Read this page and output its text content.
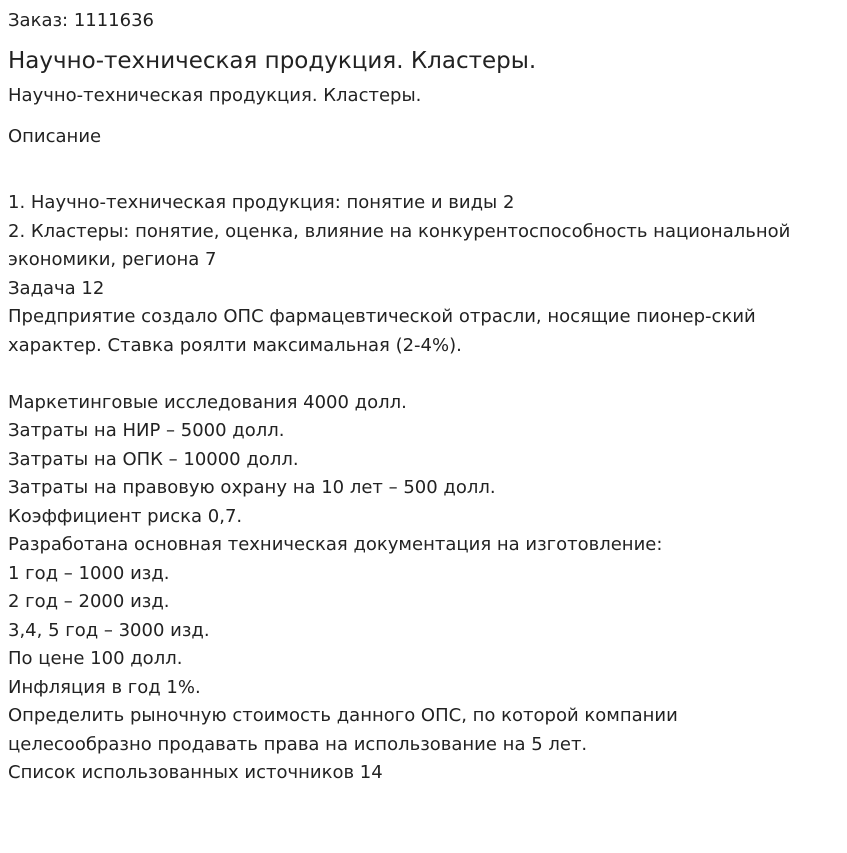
Заказ: 1111636
Научно-техническая продукция. Кластеры.
Научно-техническая продукция. Кластеры.
Описание
1. Научно-техническая продукция: понятие и виды 2
2. Кластеры: понятие, оценка, влияние на конкурентоспособность национальной
экономики, региона 7
Задача 12
Предприятие создало ОПС фармацевтической отрасли, носящие пионер-ский
характер. Ставка роялти максимальная (2-4%).
Маркетинговые исследования 4000 долл.
Затраты на НИР – 5000 долл.
Затраты на ОПК – 10000 долл.
Затраты на правовую охрану на 10 лет – 500 долл.
Коэффициент риска 0,7.
Разработана основная техническая документация на изготовление:
1 год – 1000 изд.
2 год – 2000 изд.
3,4, 5 год – 3000 изд.
По цене 100 долл.
Инфляция в год 1%.
Определить рыночную стоимость данного ОПС, по которой компании
целесообразно продавать права на использование на 5 лет.
Список использованных источников 14
